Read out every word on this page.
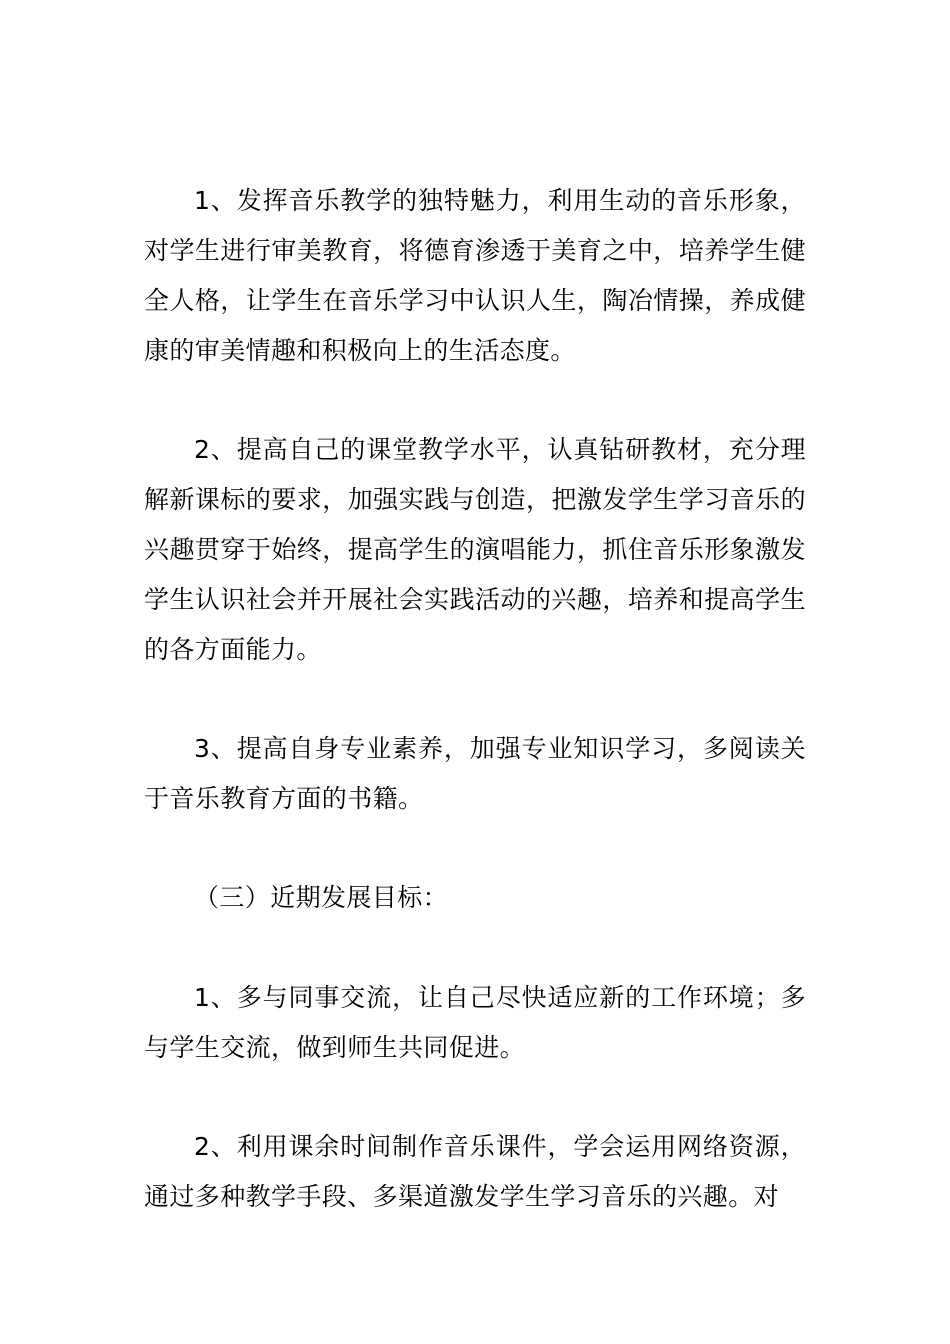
1、发挥音乐教学的独特魅力，利用生动的音乐形象，对学生进行审美教育，将德育渗透于美育之中，培养学生健全人格，让学生在音乐学习中认识人生，陶冶情操，养成健康的审美情趣和积极向上的生活态度。

2、提高自己的课堂教学水平，认真钻研教材，充分理解新课标的要求，加强实践与创造，把激发学生学习音乐的兴趣贯穿于始终，提高学生的演唱能力，抓住音乐形象激发学生认识社会并开展社会实践活动的兴趣，培养和提高学生的各方面能力。

3、提高自身专业素养，加强专业知识学习，多阅读关于音乐教育方面的书籍。

（三）近期发展目标：

1、多与同事交流，让自己尽快适应新的工作环境；多与学生交流，做到师生共同促进。

2、利用课余时间制作音乐课件，学会运用网络资源，通过多种教学手段、多渠道激发学生学习音乐的兴趣。对
